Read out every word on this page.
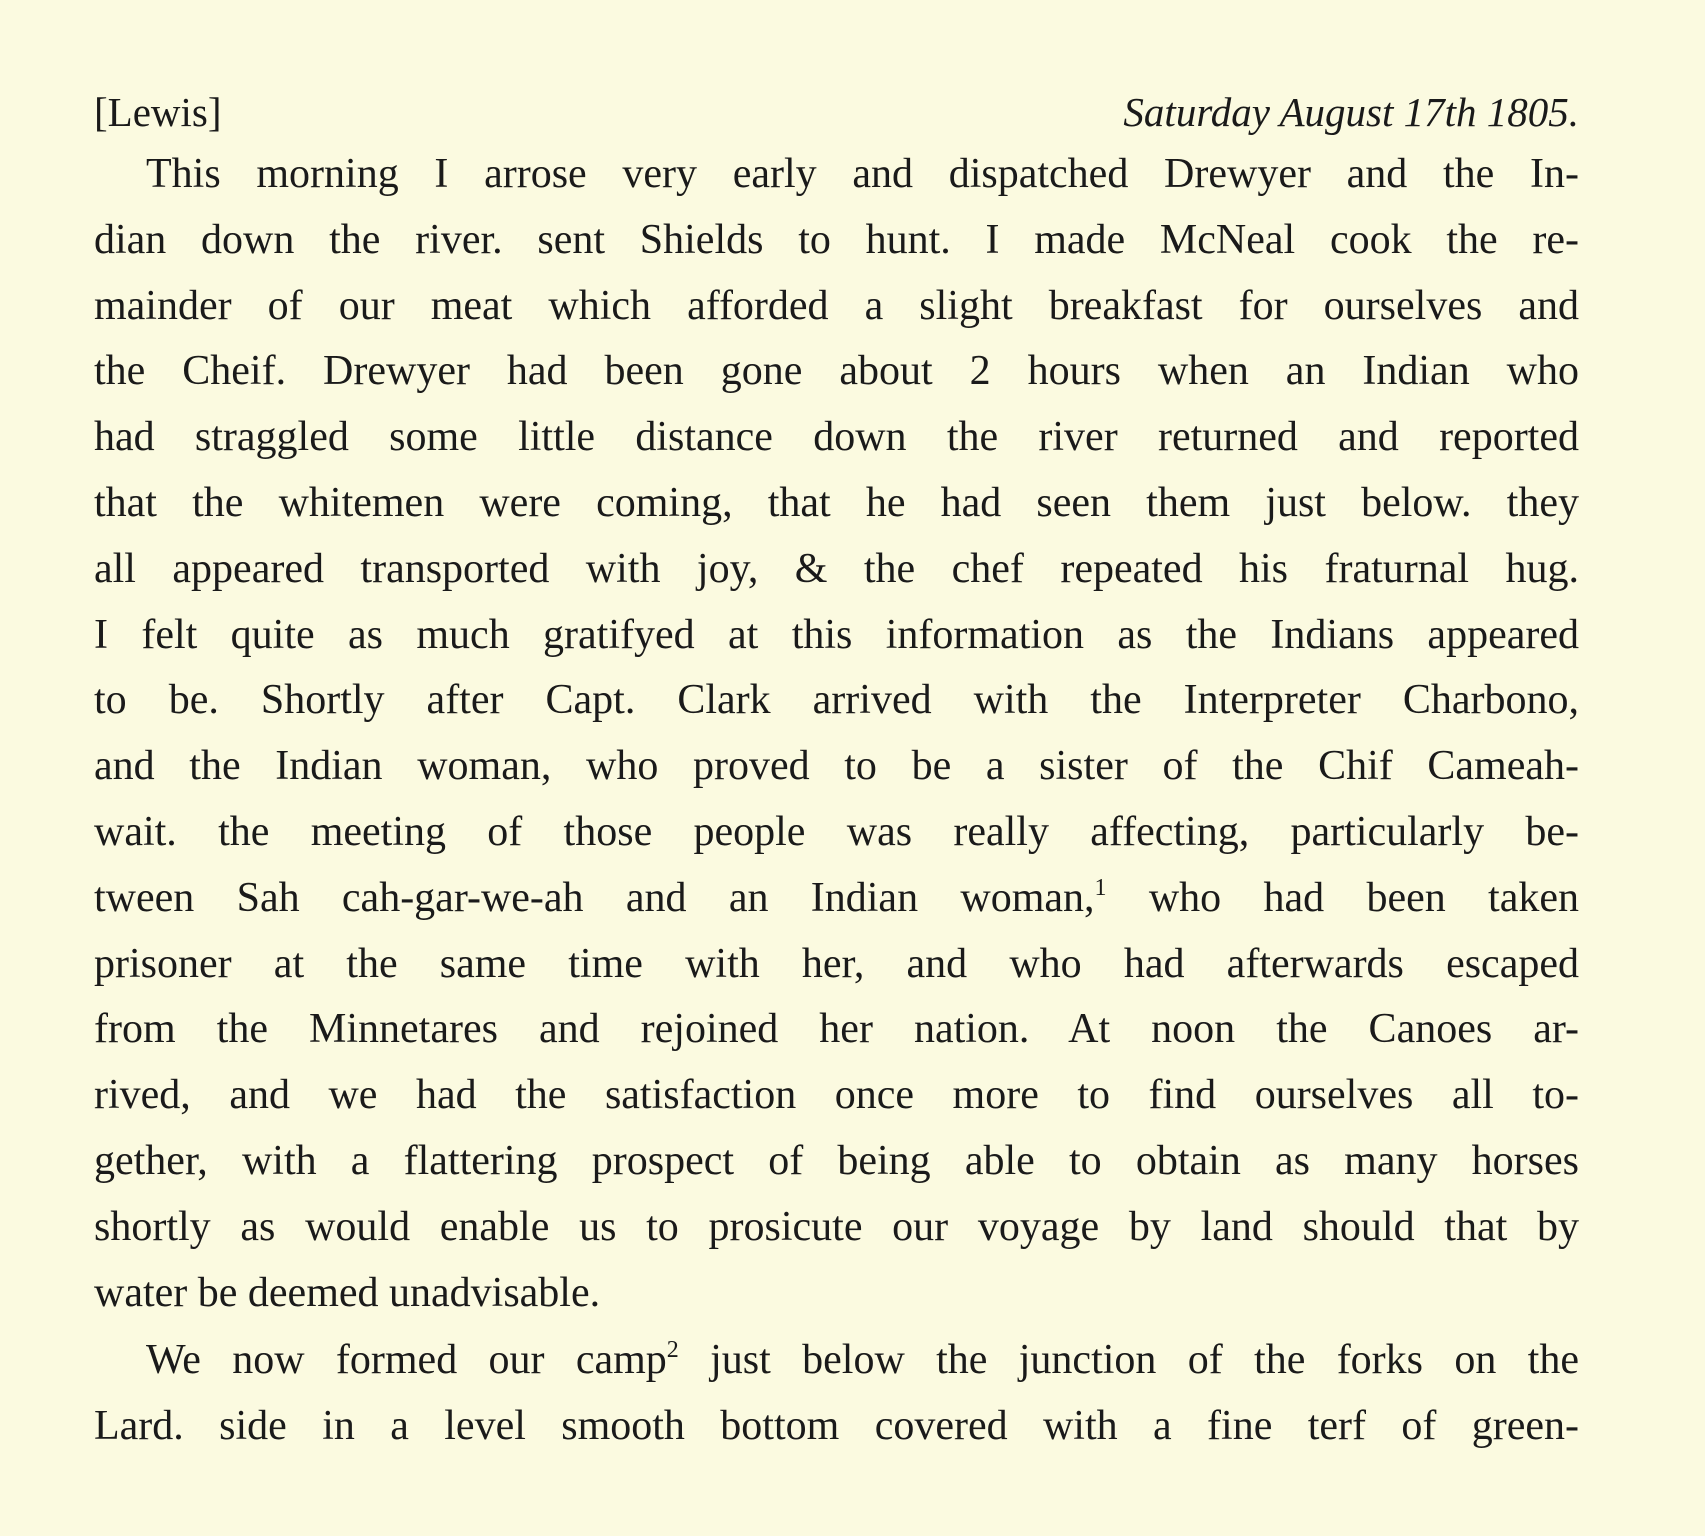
[Lewis]	Saturday August 17th 1805.

This morning I arrose very early and dispatched Drewyer and the In-
dian down the river. sent Shields to hunt. I made McNeal cook the re-
mainder of our meat which afforded a slight breakfast for ourselves and
the Cheif. Drewyer had been gone about 2 hours when an Indian who
had straggled some little distance down the river returned and reported
that the whitemen were coming, that he had seen them just below. they
all appeared transported with joy, & the chef repeated his fraturnal hug.
I felt quite as much gratifyed at this information as the Indians appeared
to be. Shortly after Capt. Clark arrived with the Interpreter Charbono,
and the Indian woman, who proved to be a sister of the Chif Cameah-
wait. the meeting of those people was really affecting, particularly be-
tween Sah cah-gar-we-ah and an Indian woman,$^1$ who had been taken
prisoner at the same time with her, and who had afterwards escaped
from the Minnetares and rejoined her nation. At noon the Canoes ar-
rived, and we had the satisfaction once more to find ourselves all to-
gether, with a flattering prospect of being able to obtain as many horses
shortly as would enable us to prosicute our voyage by land should that by
water be deemed unadvisable.

We now formed our camp$^2$ just below the junction of the forks on the
Lard. side in a level smooth bottom covered with a fine terf of green-
